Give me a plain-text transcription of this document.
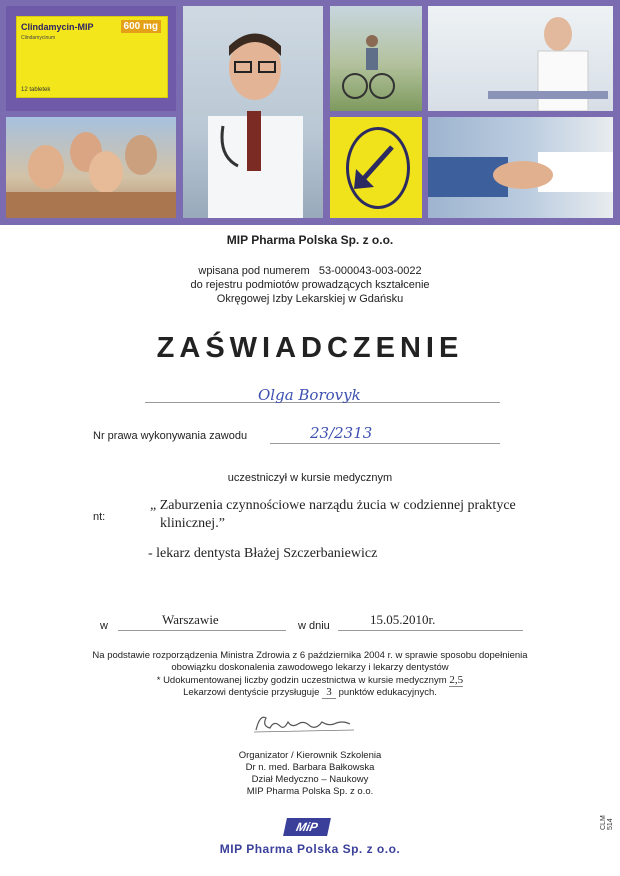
Clindamycin-MIP	600 mg
Clindamycinum
12 tabletek
MIP Pharma Polska Sp. z o.o.
wpisana pod numerem 53-000043-003-0022
do rejestru podmiotów prowadzących kształcenie
Okręgowej Izby Lekarskiej w Gdańsku
ZAŚWIADCZENIE
Olga Borovyk
Nr prawa wykonywania zawodu	23/2313
uczestniczył w kursie medycznym
nt:
„ Zaburzenia czynnościowe narządu żucia w codziennej praktyce
klinicznej.”
- lekarz dentysta Błażej Szczerbaniewicz
w	Warszawie	w dniu	15.05.2010r.
Na podstawie rozporządzenia Ministra Zdrowia z 6 października 2004 r. w sprawie sposobu dopełnienia
obowiązku doskonalenia zawodowego lekarzy i lekarzy dentystów
* Udokumentowanej liczby godzin uczestnictwa w kursie medycznym 2,5
Lekarzowi dentyście przysługuje 3 punktów edukacyjnych.
Organizator / Kierownik Szkolenia
Dr n. med. Barbara Bałkowska
Dział Medyczno – Naukowy
MIP Pharma Polska Sp. z o.o.
MiP
MIP Pharma Polska Sp. z o.o.
CLM 514
